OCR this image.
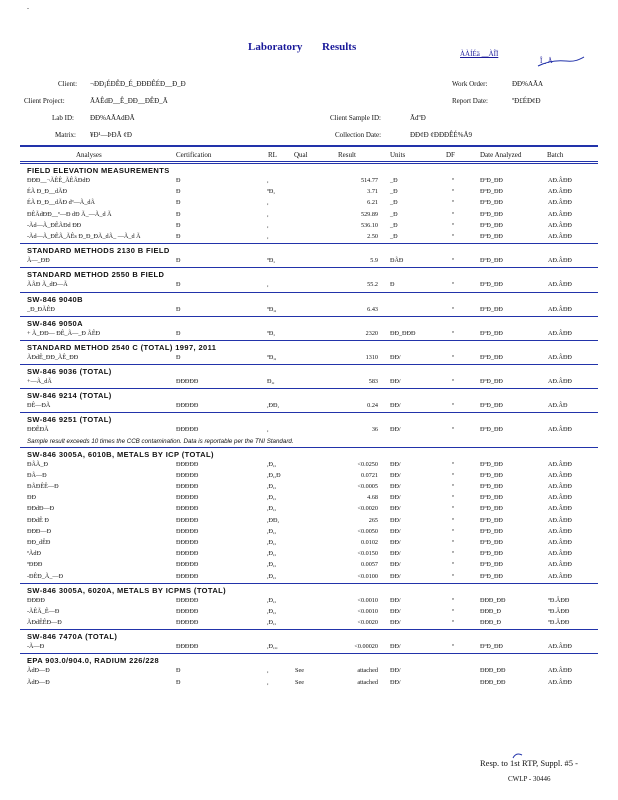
-
Laboratory Results
ÀÀÍÉä __ÀÎÏ
Î_ Ä
Client: ¬ÐÐ¡ÉÐÊÐ_É_ÐÐÐÊÉÐ__Ð_Ð
Client Project:	ÃÅÊdÐ__Ê_ÐÐ__ÐÊÐ_Ã
Lab ID: ÐÐ%AÃAdÐÃ
Matrix: ¥Ð¹—ÞÐÃ ¢Ð
Work Order:	ÐÐ%AÃA
Report Date:	ºÐ£ÉÐ¢Ð
Client Sample ID:	ÃdºÐ
Collection Date:	ÐÐ¢Ð ¢ÐÐÐÊÉ%Ä9
Analyses	Certification	RL Qual	Result	Units	DF	Date Analyzed	Batch
FIELD ELEVATION MEASUREMENTS
ÐÐÐ__¬ÃÊÊ_ÃÊÃÐdÐ	Ð	,	514.77 _Ð	º	ÐºÐ_ÐÐ	AÐ.ÂÐÐ
ÉÃ Ð_Ð__dÃÐ	Ð	ºÐ,	3.71 _Ð	º	ÐºÐ_ÐÐ	AÐ.ÂÐÐ
ÉÃ Ð_Ð__dÃÐ dº—Ã_dÃ	Ð	,	6.21 _Ð	º	ÐºÐ_ÐÐ	AÐ.ÂÐÐ
ÐÊÃdÐÐ__º—Ð dÐ Ã_—Ã_d Ã	Ð	,	529.89 _Ð	º	ÐºÐ_ÐÐ	AÐ.ÂÐÐ
-Ãd—Ã_ÐÊÃÐd ÐÐ	Ð	,	536.10 _Ð	º	ÐºÐ_ÐÐ	AÐ.ÂÐÐ
-Ãd—Ã_ÐÊÃ_ÃÊs Ð_Ð_ÐÃ_dÃ_ —Ã_d Ã	Ð	,	2.50 _Ð	º	ÐºÐ_ÐÐ	AÐ.ÂÐÐ
STANDARD METHODS 2130 B FIELD
Ã—_ÐÐ	Ð	ºÐ,	5.9 ÐÃÐ	º	ÐºÐ_ÐÐ	AÐ.ÂÐÐ
STANDARD METHOD 2550 B FIELD
ÃÃÐ Ã_dÐ—Ã	Ð	,	55.2 Ð	º	ÐºÐ_ÐÐ	AÐ.ÂÐÐ
SW-846 9040B
_Ð_ÐÃÊÐ	Ð	ºÐ,,	6.43	º	ÐºÐ_ÐÐ	AÐ.ÂÐÐ
SW-846 9050A
+ Ã_ÐÐ— ÐÊ_Ã—_Ð ÃÊÐ	Ð	ºÐ,	2320 ÐÐ_ÐÐÐ	º	ÐºÐ_ÐÐ	AÐ.ÂÐÐ
STANDARD METHOD 2540 C (TOTAL) 1997, 2011
ÃÐdÊ_ÐÐ_ÃÊ_ÐÐ	Ð	ºÐ,,	1310 ÐÐ/	º	ÐºÐ_ÐÐ	AÐ.ÂÐÐ
SW-846 9036 (TOTAL)
+—Ã_dÃ	ÐÐÐÐÐ	Ð,,	583 ÐÐ/	º	ÐºÐ_ÐÐ	AÐ.ÂÐÐ
SW-846 9214 (TOTAL)
ÐÊ—ÐÃ	ÐÐÐÐÐ	,ÐÐ,	0.24 ÐÐ/	º	ÐºÐ_ÐÐ	AÐ.ÂÐ
SW-846 9251 (TOTAL)
ÐÐÊÐÃ	ÐÐÐÐÐ	,	36 ÐÐ/	º	ÐºÐ_ÐÐ	AÐ.ÂÐÐ
Sample result exceeds 10 times the CCB contamination. Data is reportable per the TNI Standard.
SW-846 3005A, 6010B, METALS BY ICP (TOTAL)
ÐÃÃ_Ð	ÐÐÐÐÐ	,Ð,,	<0.0250 ÐÐ/	º	ÐºÐ_ÐÐ	AÐ.ÂÐÐ
ÐÃ—Ð	ÐÐÐÐÐ	,Ð,,Ð	0.0721 ÐÐ/	º	ÐºÐ_ÐÐ	AÐ.ÂÐÐ
ÐÃÐÊÊ—Ð	ÐÐÐÐÐ	,Ð,,	<0.0005 ÐÐ/	º	ÐºÐ_ÐÐ	AÐ.ÂÐÐ
ÐÐ	ÐÐÐÐÐ	,Ð,,	4.68 ÐÐ/	º	ÐºÐ_ÐÐ	AÐ.ÂÐÐ
ÐÐdÐ—Ð	ÐÐÐÐÐ	,Ð,,	<0.0020 ÐÐ/	º	ÐºÐ_ÐÐ	AÐ.ÂÐÐ
ÐÐdÊ Ð	ÐÐÐÐÐ	,ÐÐ,	265 ÐÐ/	º	ÐºÐ_ÐÐ	AÐ.ÂÐÐ
ÐÐÐ—Ð	ÐÐÐÐÐ	,Ð,,	<0.0050 ÐÐ/	º	ÐºÐ_ÐÐ	AÐ.ÂÐÐ
ÐÐ_dÊÐ	ÐÐÐÐÐ	,Ð,,	0.0102 ÐÐ/	º	ÐºÐ_ÐÐ	AÐ.ÂÐÐ
ºÃdÐ	ÐÐÐÐÐ	,Ð,,	<0.0150 ÐÐ/	º	ÐºÐ_ÐÐ	AÐ.ÂÐÐ
ºÐÐÐ	ÐÐÐÐÐ	,Ð,,	0.0057 ÐÐ/	º	ÐºÐ_ÐÐ	AÐ.ÂÐÐ
-ÐÊÐ_Ã_—Ð	ÐÐÐÐÐ	,Ð,,	<0.0100 ÐÐ/	º	ÐºÐ_ÐÐ	AÐ.ÂÐÐ
SW-846 3005A, 6020A, METALS BY ICPMS (TOTAL)
ÐÐÐÐ	ÐÐÐÐÐ	,Ð,,	<0.0010 ÐÐ/	º	ÐÐÐ_ÐÐ	ºÐ.ÂÐÐ
-ÃÊÃ_Ê—Ð	ÐÐÐÐÐ	,Ð,,	<0.0010 ÐÐ/	º	ÐÐÐ_Ð	ºÐ.ÂÐÐ
ÃÐdÊÊÐ—Ð	ÐÐÐÐÐ	,Ð,,	<0.0020 ÐÐ/	º	ÐÐÐ_Ð	ºÐ.ÂÐÐ
SW-846 7470A (TOTAL)
-Ã—Ð	ÐÐÐÐÐ	,Ð,,,	<0.00020 ÐÐ/	º	ÐºÐ_ÐÐ	AÐ.ÂÐÐ
EPA 903.0/904.0, RADIUM 226/228
ÃdÐ—Ð	Ð	,	See	attached ÐÐ/	ÐÐÐ_ÐÐ	AÐ.ÂÐÐ
ÃdÐ—Ð	Ð	,	See	attached ÐÐ/	ÐÐÐ_ÐÐ	AÐ.ÂÐÐ
Resp. to 1st RTP, Suppl. #5 -
CWLP - 30446
